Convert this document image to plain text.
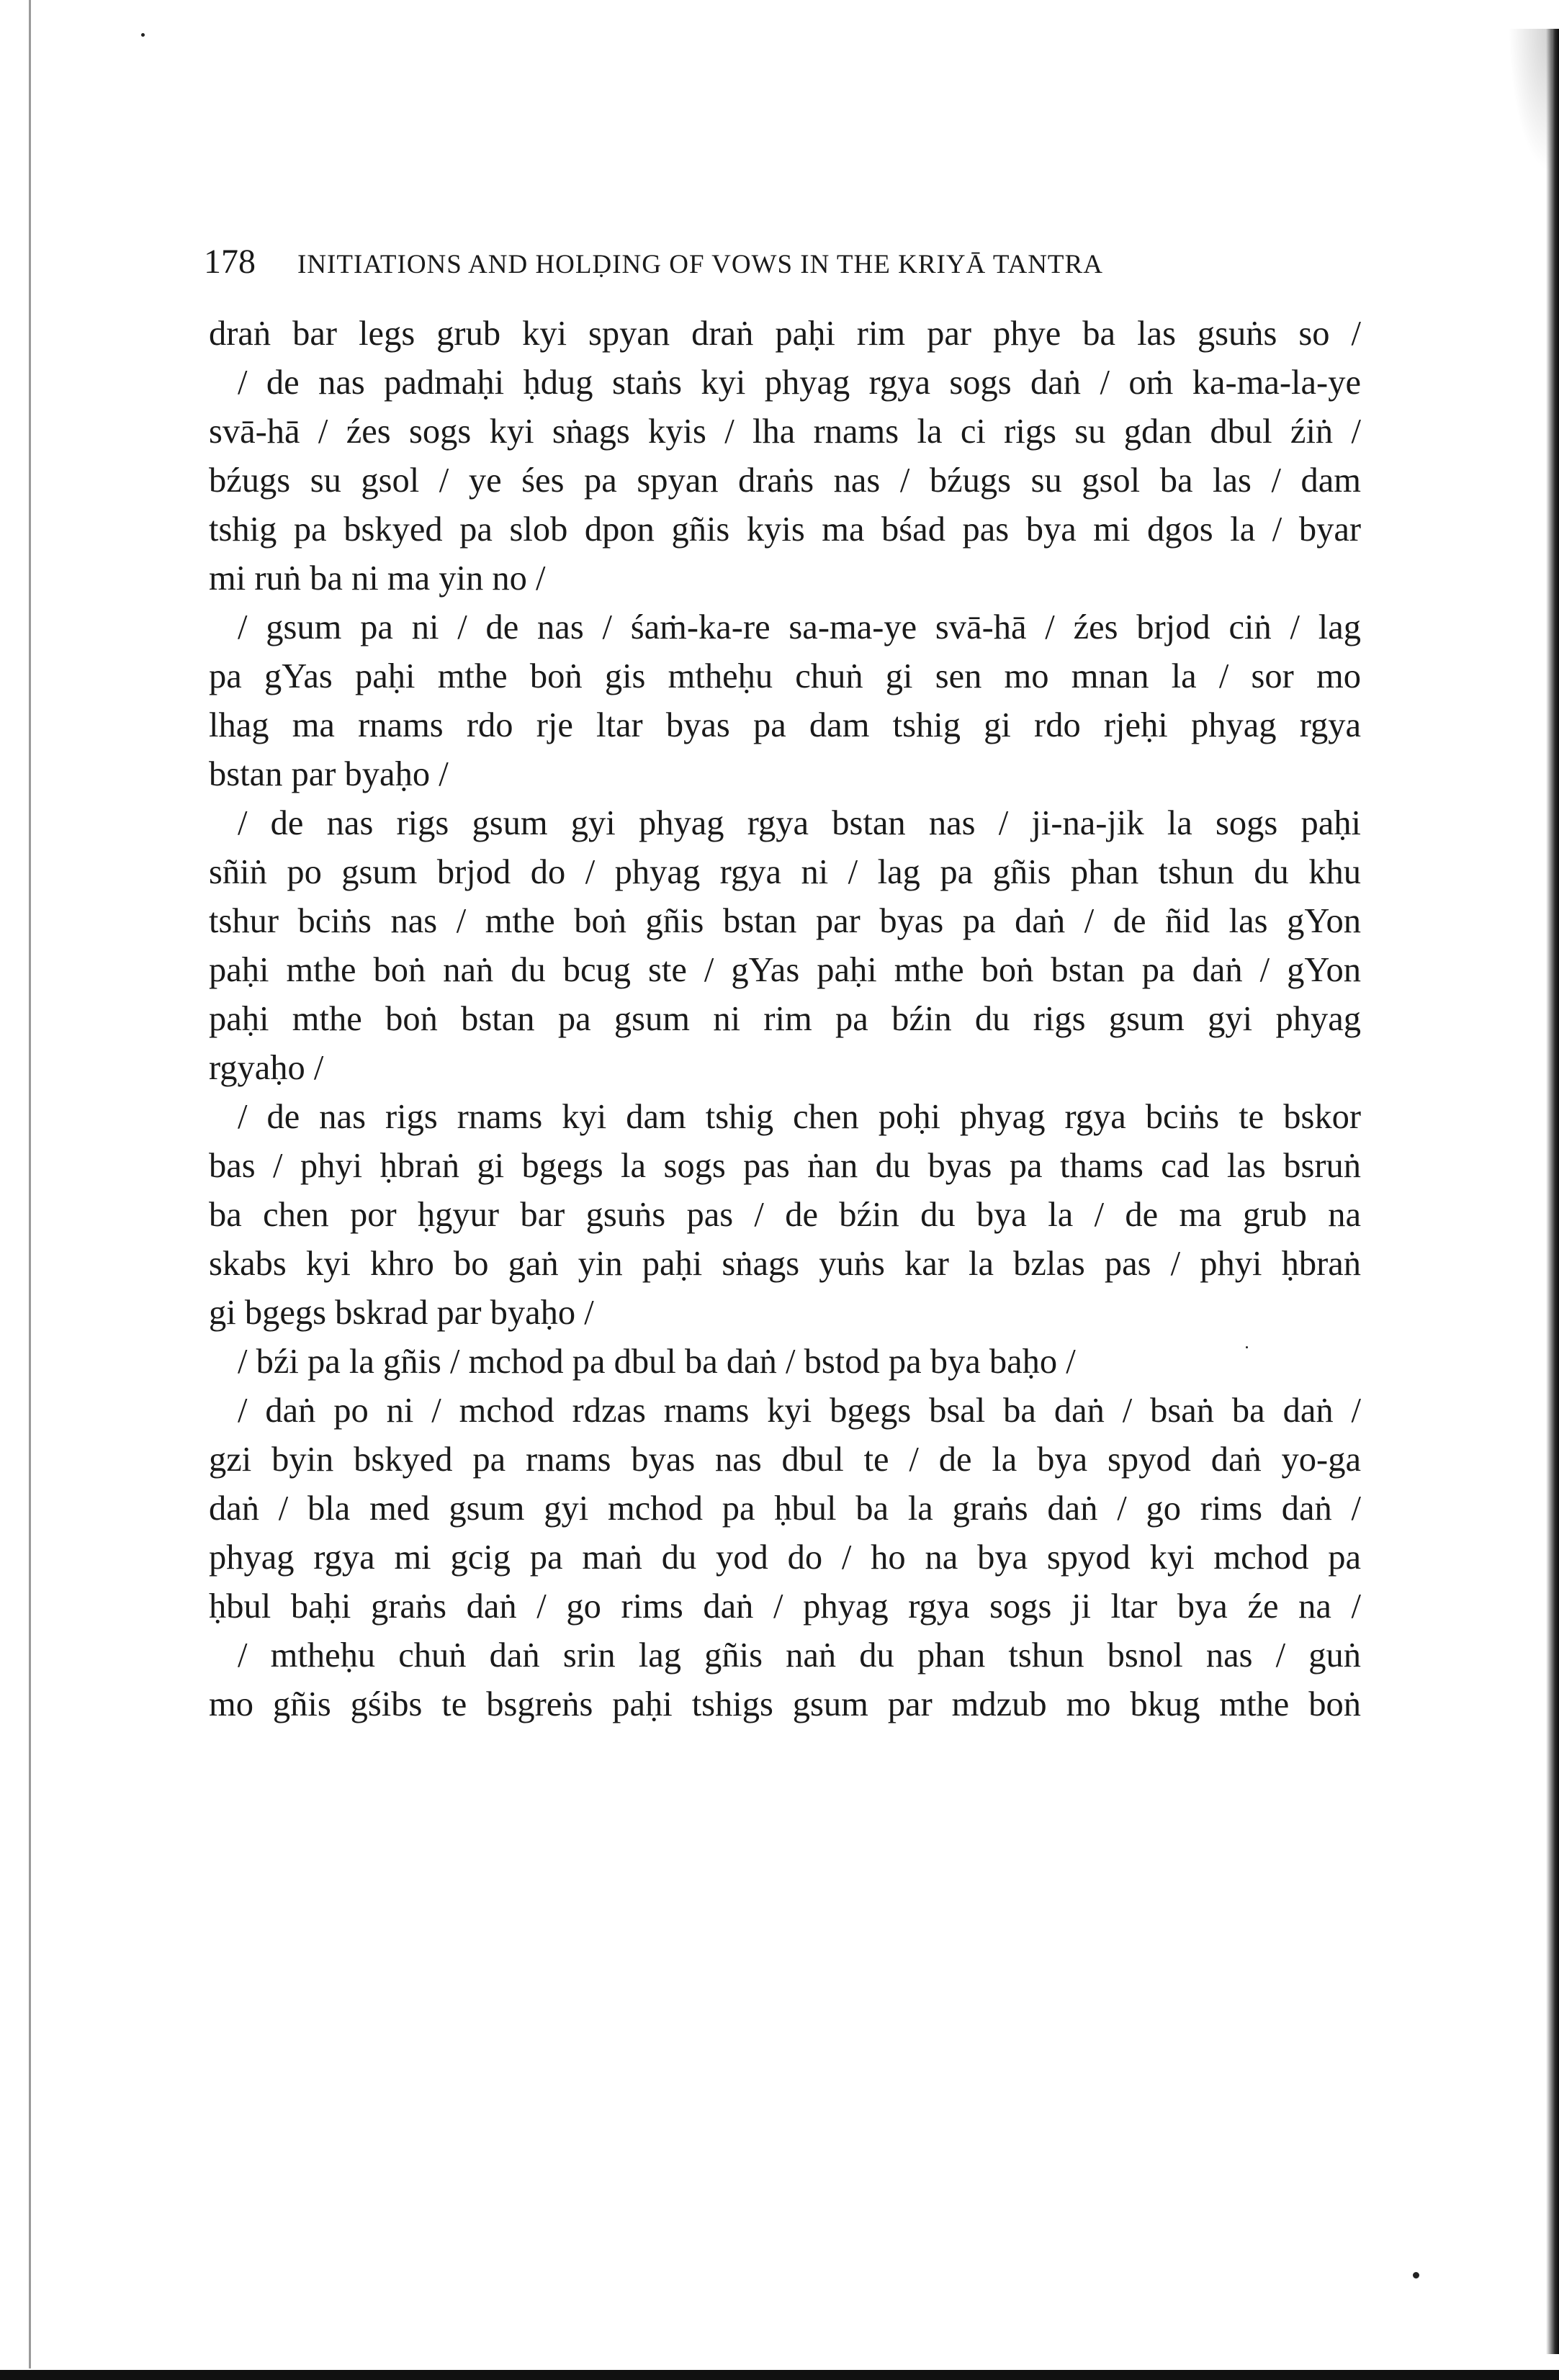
178 INITIATIONS AND HOLḌING OF VOWS IN THE KRIYĀ TANTRA
draṅ bar legs grub kyi spyan draṅ paḥi rim par phye ba las gsuṅs so /
/ de nas padmaḥi ḥdug staṅs kyi phyag rgya sogs daṅ / oṁ ka-ma-la-ye
svā-hā / źes sogs kyi sṅags kyis / lha rnams la ci rigs su gdan dbul źiṅ /
bźugs su gsol / ye śes pa spyan draṅs nas / bźugs su gsol ba las / dam
tshig pa bskyed pa slob dpon gñis kyis ma bśad pas bya mi dgos la / byar
mi ruṅ ba ni ma yin no /
/ gsum pa ni / de nas / śaṁ-ka-re sa-ma-ye svā-hā / źes brjod ciṅ / lag
pa gYas paḥi mthe boṅ gis mtheḥu chuṅ gi sen mo mnan la / sor mo
lhag ma rnams rdo rje ltar byas pa dam tshig gi rdo rjeḥi phyag rgya
bstan par byaḥo /
/ de nas rigs gsum gyi phyag rgya bstan nas / ji-na-jik la sogs paḥi
sñiṅ po gsum brjod do / phyag rgya ni / lag pa gñis phan tshun du khu
tshur bciṅs nas / mthe boṅ gñis bstan par byas pa daṅ / de ñid las gYon
paḥi mthe boṅ naṅ du bcug ste / gYas paḥi mthe boṅ bstan pa daṅ / gYon
paḥi mthe boṅ bstan pa gsum ni rim pa bźin du rigs gsum gyi phyag
rgyaḥo /
/ de nas rigs rnams kyi dam tshig chen poḥi phyag rgya bciṅs te bskor
bas / phyi ḥbraṅ gi bgegs la sogs pas ṅan du byas pa thams cad las bsruṅ
ba chen por ḥgyur bar gsuṅs pas / de bźin du bya la / de ma grub na
skabs kyi khro bo gaṅ yin paḥi sṅags yuṅs kar la bzlas pas / phyi ḥbraṅ
gi bgegs bskrad par byaḥo /
/ bźi pa la gñis / mchod pa dbul ba daṅ / bstod pa bya baḥo /
/ daṅ po ni / mchod rdzas rnams kyi bgegs bsal ba daṅ / bsaṅ ba daṅ /
gzi byin bskyed pa rnams byas nas dbul te / de la bya spyod daṅ yo-ga
daṅ / bla med gsum gyi mchod pa ḥbul ba la graṅs daṅ / go rims daṅ /
phyag rgya mi gcig pa maṅ du yod do / ho na bya spyod kyi mchod pa
ḥbul baḥi graṅs daṅ / go rims daṅ / phyag rgya sogs ji ltar bya źe na /
/ mtheḥu chuṅ daṅ srin lag gñis naṅ du phan tshun bsnol nas / guṅ
mo gñis gśibs te bsgreṅs paḥi tshigs gsum par mdzub mo bkug mthe boṅ
